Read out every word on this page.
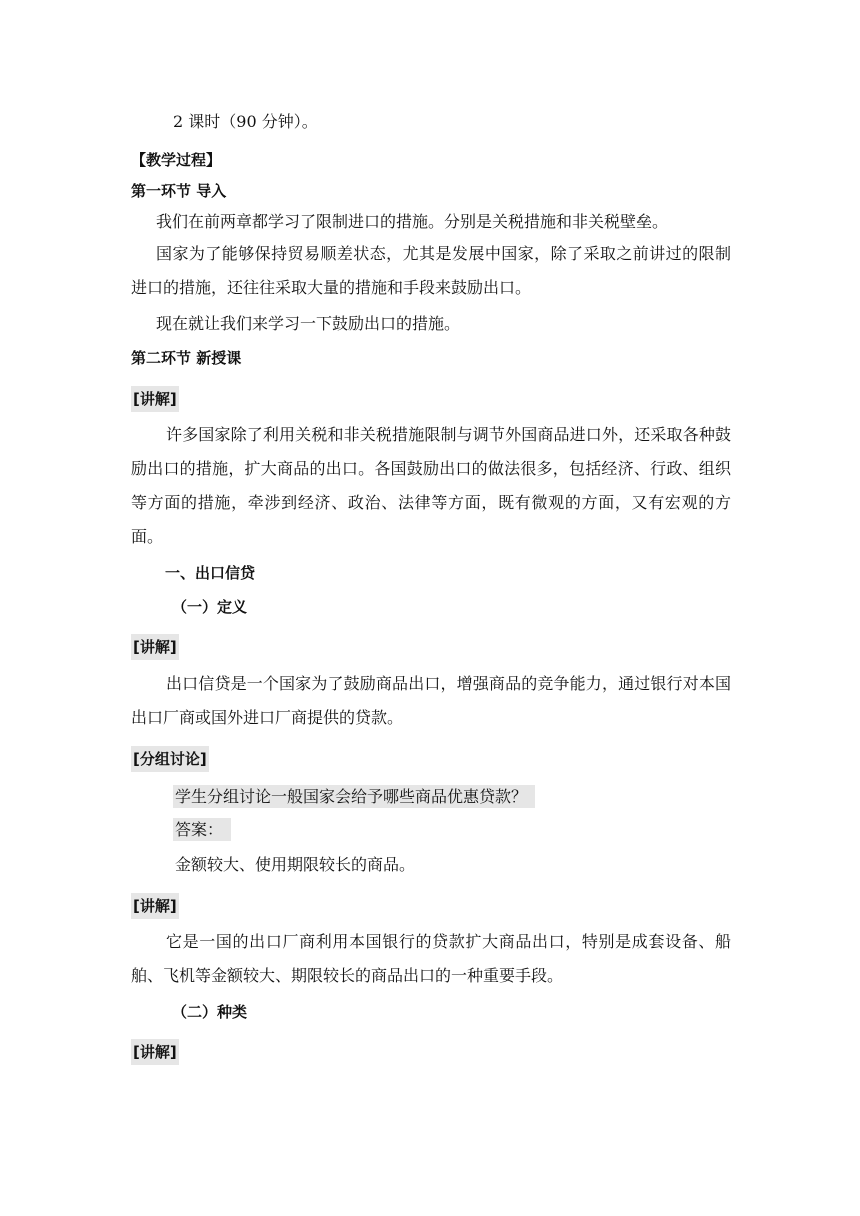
2 课时（90 分钟）。
【教学过程】
第一环节 导入
我们在前两章都学习了限制进口的措施。分别是关税措施和非关税壁垒。
国家为了能够保持贸易顺差状态，尤其是发展中国家，除了采取之前讲过的限制进口的措施，还往往采取大量的措施和手段来鼓励出口。
现在就让我们来学习一下鼓励出口的措施。
第二环节 新授课
[讲解]
许多国家除了利用关税和非关税措施限制与调节外国商品进口外，还采取各种鼓励出口的措施，扩大商品的出口。各国鼓励出口的做法很多，包括经济、行政、组织等方面的措施，牵涉到经济、政治、法律等方面，既有微观的方面，又有宏观的方面。
一、出口信贷
（一）定义
[讲解]
出口信贷是一个国家为了鼓励商品出口，增强商品的竞争能力，通过银行对本国出口厂商或国外进口厂商提供的贷款。
[分组讨论]
学生分组讨论一般国家会给予哪些商品优惠贷款？
答案：
金额较大、使用期限较长的商品。
[讲解]
它是一国的出口厂商利用本国银行的贷款扩大商品出口，特别是成套设备、船舶、飞机等金额较大、期限较长的商品出口的一种重要手段。
（二）种类
[讲解]
